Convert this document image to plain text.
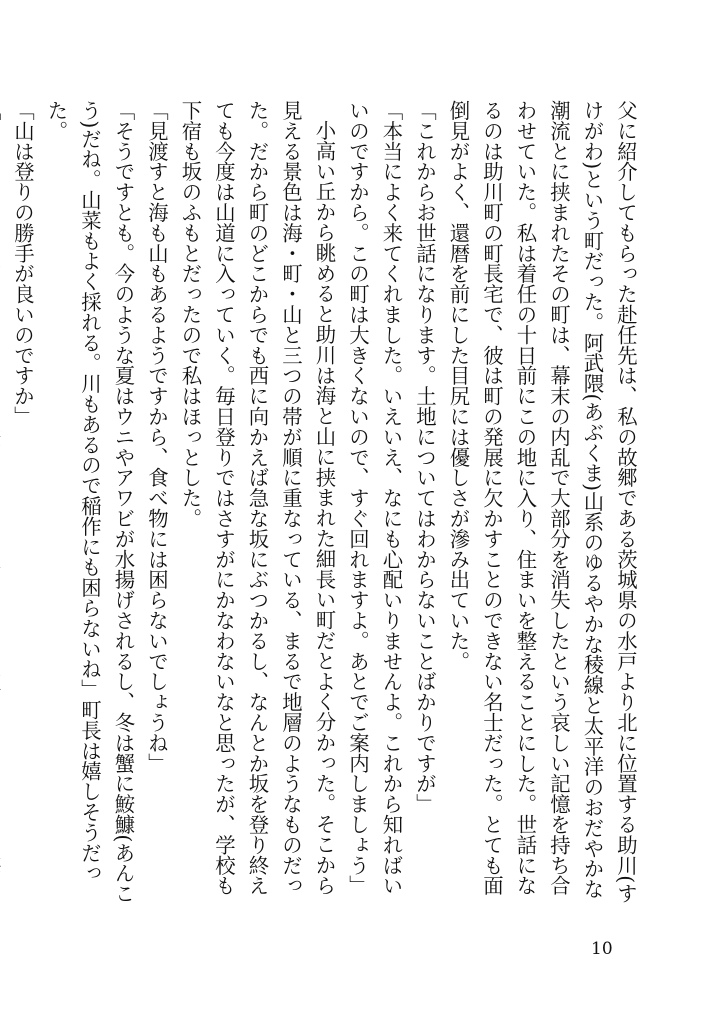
父に紹介してもらった赴任先は、私の故郷である茨城県の水戸より北に位置する助川(すけがわ)という町だった。阿武隈(あぶくま)山系のゆるやかな稜線と太平洋のおだやかな潮流とに挟まれたその町は、幕末の内乱で大部分を消失したという哀しい記憶を持ち合わせていた。私は着任の十日前にこの地に入り、住まいを整えることにした。世話になるのは助川町の町長宅で、彼は町の発展に欠かすことのできない名士だった。とても面倒見がよく、還暦を前にした目尻には優しさが滲み出ていた。

「これからお世話になります。土地についてはわからないことばかりですが」

「本当によく来てくれました。いえいえ、なにも心配いりませんよ。これから知ればいいのですから。この町は大きくないので、すぐ回れますよ。あとでご案内しましょう」

小高い丘から眺めると助川は海と山に挟まれた細長い町だとよく分かった。そこから見える景色は海・町・山と三つの帯が順に重なっている、まるで地層のようなものだった。だから町のどこからでも西に向かえば急な坂にぶつかるし、なんとか坂を登り終えても今度は山道に入っていく。毎日登りではさすがにかなわないなと思ったが、学校も下宿も坂のふもとだったので私はほっとした。

「見渡すと海も山もあるようですから、食べ物には困らないでしょうね」

「そうですとも。今のような夏はウニやアワビが水揚げされるし、冬は蟹に鮟鱇(あんこう)だね。山菜もよく採れる。川もあるので稲作にも困らないね」町長は嬉しそうだった。

「山は登りの勝手が良いのですか」

10
